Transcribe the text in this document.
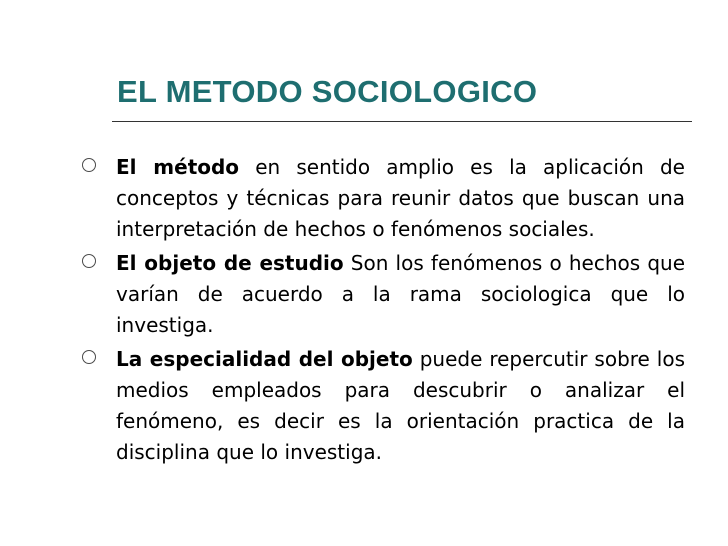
EL METODO SOCIOLOGICO
El método en sentido amplio es la aplicación de conceptos y técnicas para reunir datos que buscan una interpretación de hechos o fenómenos sociales.
El objeto de estudio Son los fenómenos o hechos que varían de acuerdo a la rama sociologica que lo investiga.
La especialidad del objeto puede repercutir sobre los medios empleados para descubrir o analizar el fenómeno, es decir es la orientación practica de la disciplina que lo investiga.
